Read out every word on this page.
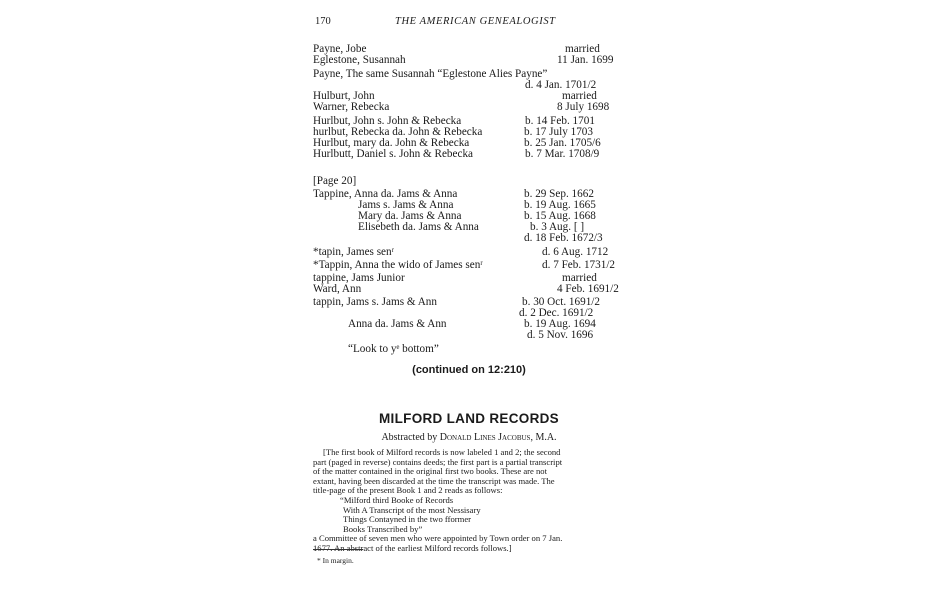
170	THE AMERICAN GENEALOGIST
Payne, Jobe	married
Eglestone, Susannah	11 Jan. 1699
Payne, The same Susannah “Eglestone Alies Payne”
d. 4 Jan. 1701/2
Hulburt, John	married
Warner, Rebecka	8 July 1698
Hurlbut, John s. John & Rebecka	b. 14 Feb. 1701
hurlbut, Rebecka da. John & Rebecka	b. 17 July 1703
Hurlbut, mary da. John & Rebecka	b. 25 Jan. 1705/6
Hurlbutt, Daniel s. John & Rebecka	b. 7 Mar. 1708/9
[Page 20]
Tappine, Anna da. Jams & Anna	b. 29 Sep. 1662
Jams s. Jams & Anna	b. 19 Aug. 1665
Mary da. Jams & Anna	b. 15 Aug. 1668
Elisebeth da. Jams & Anna	b. 3 Aug. [ ]
d. 18 Feb. 1672/3
*tapin, James senʳ	d. 6 Aug. 1712
*Tappin, Anna the wido of James senʳ	d. 7 Feb. 1731/2
tappine, Jams Junior	married
Ward, Ann	4 Feb. 1691/2
tappin, Jams s. Jams & Ann	b. 30 Oct. 1691/2
d. 2 Dec. 1691/2
Anna da. Jams & Ann	b. 19 Aug. 1694
d. 5 Nov. 1696
“Look to yᵉ bottom”
(continued on 12:210)
MILFORD LAND RECORDS
Abstracted by Donald Lines Jacobus, M.A.
[The first book of Milford records is now labeled 1 and 2; the second
part (paged in reverse) contains deeds; the first part is a partial transcript
of the matter contained in the original first two books. These are not
extant, having been discarded at the time the transcript was made. The
title-page of the present Book 1 and 2 reads as follows:
“Milford third Booke of Records
With A Transcript of the most Nessisary
Things Contayned in the two fformer
Books Transcribed by”
a Committee of seven men who were appointed by Town order on 7 Jan.
1677. An abstract of the earliest Milford records follows.]
* In margin.
